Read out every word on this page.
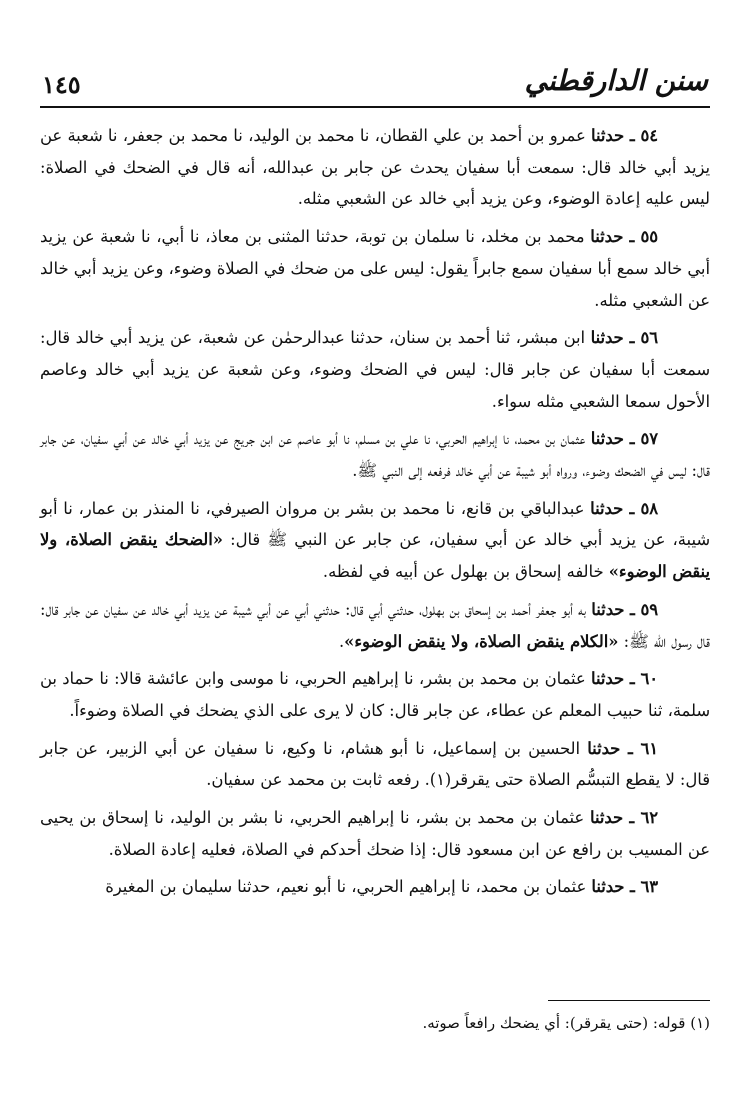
سنن الدارقطني
١٤٥

٥٤ ـ حدثنا عمرو بن أحمد بن علي القطان، نا محمد بن الوليد، نا محمد بن جعفر، نا شعبة عن يزيد أبي خالد قال: سمعت أبا سفيان يحدث عن جابر بن عبدالله، أنه قال في الضحك في الصلاة: ليس عليه إعادة الوضوء، وعن يزيد أبي خالد عن الشعبي مثله.

٥٥ ـ حدثنا محمد بن مخلد، نا سلمان بن توبة، حدثنا المثنى بن معاذ، نا أبي، نا شعبة عن يزيد أبي خالد سمع أبا سفيان سمع جابراً يقول: ليس على من ضحك في الصلاة وضوء، وعن يزيد أبي خالد عن الشعبي مثله.

٥٦ ـ حدثنا ابن مبشر، ثنا أحمد بن سنان، حدثنا عبدالرحمٰن عن شعبة، عن يزيد أبي خالد قال: سمعت أبا سفيان عن جابر قال: ليس في الضحك وضوء، وعن شعبة عن يزيد أبي خالد وعاصم الأحول سمعا الشعبي مثله سواء.

٥٧ ـ حدثنا عثمان بن محمد، نا إبراهيم الحربي، نا علي بن مسلم، نا أبو عاصم عن ابن جريج عن يزيد أبي خالد عن أبي سفيان، عن جابر قال: ليس في الضحك وضوء، ورواه أبو شيبة عن أبي خالد فرفعه إلى النبي ﷺ.

٥٨ ـ حدثنا عبدالباقي بن قانع، نا محمد بن بشر بن مروان الصيرفي، نا المنذر بن عمار، نا أبو شيبة، عن يزيد أبي خالد عن أبي سفيان، عن جابر عن النبي ﷺ قال: «الضحك ينقض الصلاة، ولا ينقض الوضوء» خالفه إسحاق بن بهلول عن أبيه في لفظه.

٥٩ ـ حدثنا به أبو جعفر أحمد بن إسحاق بن بهلول، حدثني أبي قال: حدثني أبي عن أبي شيبة عن يزيد أبي خالد عن سفيان عن جابر قال: قال رسول الله ﷺ: «الكلام ينقض الصلاة، ولا ينقض الوضوء».

٦٠ ـ حدثنا عثمان بن محمد بن بشر، نا إبراهيم الحربي، نا موسى وابن عائشة قالا: نا حماد بن سلمة، ثنا حبيب المعلم عن عطاء، عن جابر قال: كان لا يرى على الذي يضحك في الصلاة وضوءاً.

٦١ ـ حدثنا الحسين بن إسماعيل، نا أبو هشام، نا وكيع، نا سفيان عن أبي الزبير، عن جابر قال: لا يقطع التبسُّم الصلاة حتى يقرقر(١). رفعه ثابت بن محمد عن سفيان.

٦٢ ـ حدثنا عثمان بن محمد بن بشر، نا إبراهيم الحربي، نا بشر بن الوليد، نا إسحاق بن يحيى عن المسيب بن رافع عن ابن مسعود قال: إذا ضحك أحدكم في الصلاة، فعليه إعادة الصلاة.

٦٣ ـ حدثنا عثمان بن محمد، نا إبراهيم الحربي، نا أبو نعيم، حدثنا سليمان بن المغيرة

(١) قوله: (حتى يقرقر): أي يضحك رافعاً صوته.
